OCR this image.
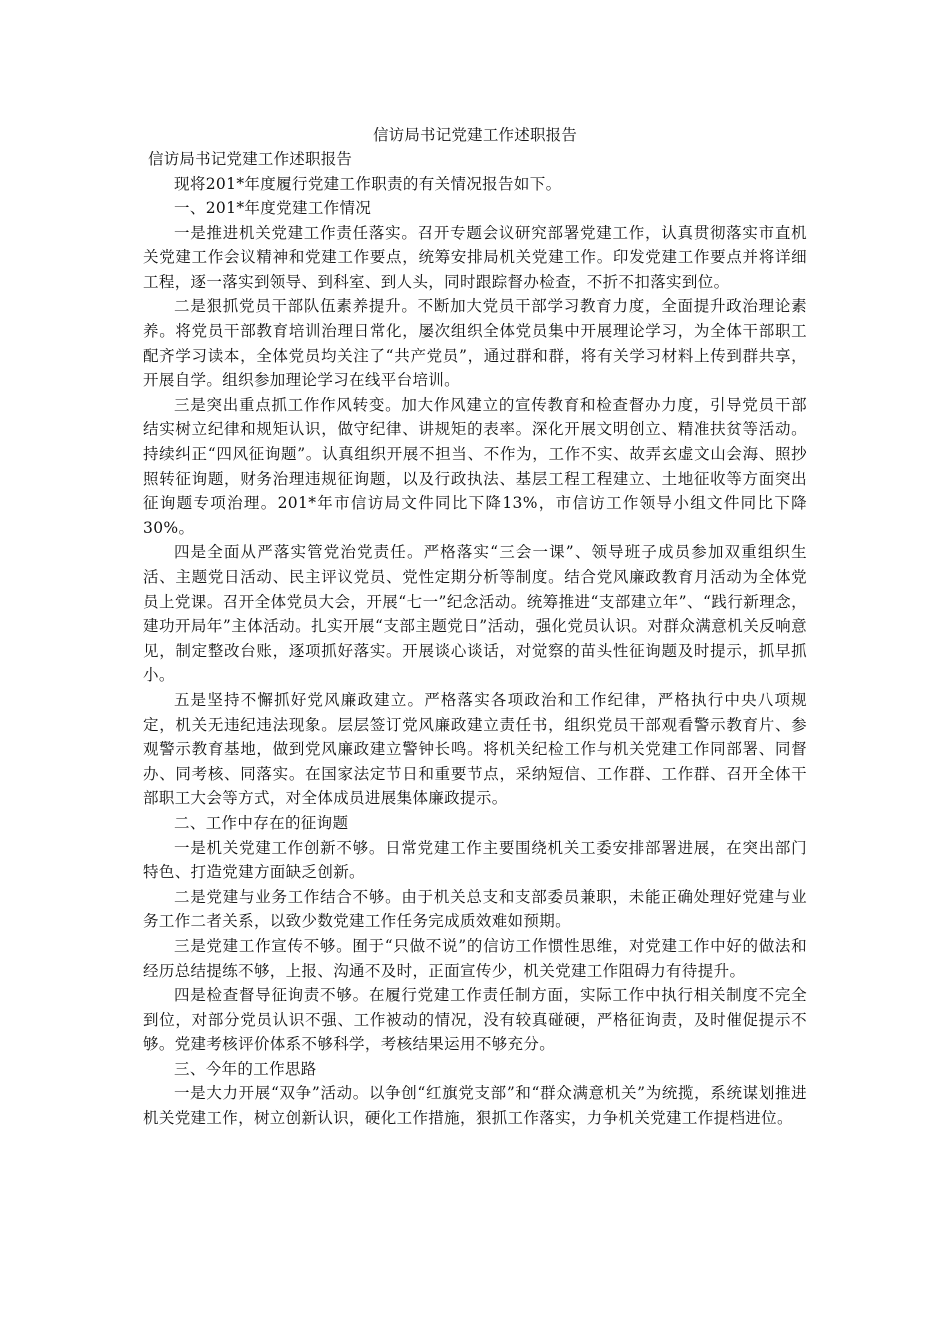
信访局书记党建工作述职报告

信访局书记党建工作述职报告

现将201*年度履行党建工作职责的有关情况报告如下。

一、201*年度党建工作情况

一是推进机关党建工作责任落实。召开专题会议研究部署党建工作，认真贯彻落实市直机关党建工作会议精神和党建工作要点，统筹安排局机关党建工作。印发党建工作要点并将详细工程，逐一落实到领导、到科室、到人头，同时跟踪督办检查，不折不扣落实到位。

二是狠抓党员干部队伍素养提升。不断加大党员干部学习教育力度，全面提升政治理论素养。将党员干部教育培训治理日常化，屡次组织全体党员集中开展理论学习，为全体干部职工配齐学习读本，全体党员均关注了“共产党员”，通过群和群，将有关学习材料上传到群共享，开展自学。组织参加理论学习在线平台培训。

三是突出重点抓工作作风转变。加大作风建立的宣传教育和检查督办力度，引导党员干部结实树立纪律和规矩认识，做守纪律、讲规矩的表率。深化开展文明创立、精准扶贫等活动。持续纠正“四风征询题”。认真组织开展不担当、不作为，工作不实、故弄玄虚文山会海、照抄照转征询题，财务治理违规征询题，以及行政执法、基层工程工程建立、土地征收等方面突出征询题专项治理。201*年市信访局文件同比下降13%，市信访工作领导小组文件同比下降30%。

四是全面从严落实管党治党责任。严格落实“三会一课”、领导班子成员参加双重组织生活、主题党日活动、民主评议党员、党性定期分析等制度。结合党风廉政教育月活动为全体党员上党课。召开全体党员大会，开展“七一”纪念活动。统筹推进“支部建立年”、“践行新理念，建功开局年”主体活动。扎实开展“支部主题党日”活动，强化党员认识。对群众满意机关反响意见，制定整改台账，逐项抓好落实。开展谈心谈话，对觉察的苗头性征询题及时提示，抓早抓小。

五是坚持不懈抓好党风廉政建立。严格落实各项政治和工作纪律，严格执行中央八项规定，机关无违纪违法现象。层层签订党风廉政建立责任书，组织党员干部观看警示教育片、参观警示教育基地，做到党风廉政建立警钟长鸣。将机关纪检工作与机关党建工作同部署、同督办、同考核、同落实。在国家法定节日和重要节点，采纳短信、工作群、工作群、召开全体干部职工大会等方式，对全体成员进展集体廉政提示。

二、工作中存在的征询题

一是机关党建工作创新不够。日常党建工作主要围绕机关工委安排部署进展，在突出部门特色、打造党建方面缺乏创新。

二是党建与业务工作结合不够。由于机关总支和支部委员兼职，未能正确处理好党建与业务工作二者关系，以致少数党建工作任务完成质效难如预期。

三是党建工作宣传不够。囿于“只做不说”的信访工作惯性思维，对党建工作中好的做法和经历总结提练不够，上报、沟通不及时，正面宣传少，机关党建工作阻碍力有待提升。

四是检查督导征询责不够。在履行党建工作责任制方面，实际工作中执行相关制度不完全到位，对部分党员认识不强、工作被动的情况，没有较真碰硬，严格征询责，及时催促提示不够。党建考核评价体系不够科学，考核结果运用不够充分。

三、今年的工作思路

一是大力开展“双争”活动。以争创“红旗党支部”和“群众满意机关”为统揽，系统谋划推进机关党建工作，树立创新认识，硬化工作措施，狠抓工作落实，力争机关党建工作提档进位。
